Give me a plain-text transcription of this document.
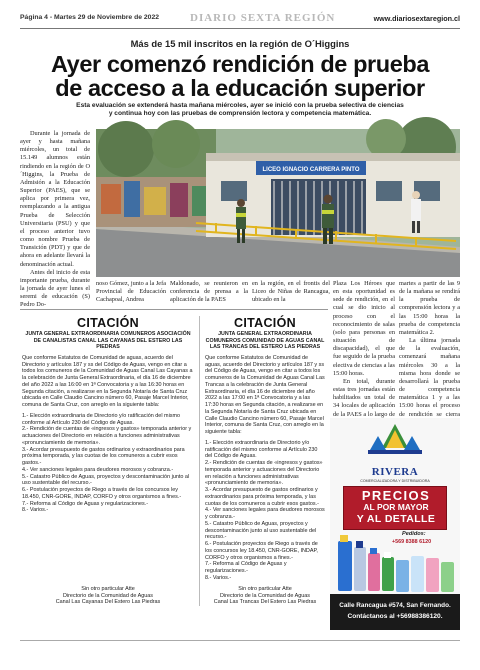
Página 4 - Martes 29 de Noviembre de 2022	DIARIO SEXTA REGIÓN	www.diariosextaregion.cl
Más de 15 mil inscritos en la región de O´Higgins
Ayer comenzó rendición de prueba
de acceso a la educación superior
Esta evaluación se extenderá hasta mañana miércoles, ayer se inició con la prueba selectiva de ciencias
y continua hoy con las pruebas de comprensión lectora y competencia matemática.

Durante la jornada de ayer y hasta mañana miércoles, un total de 15.149 alumnos están rindiendo en la región de O´Higgins, la Prueba de Admisión a la Educación Superior (PAES), que se aplica por primera vez, reemplazando a la antigua Prueba de Selección Universitaria (PSU) y que el proceso anterior tuvo como nombre Prueba de Transición (PDT) y que de ahora en adelante llevará la denominación actual.

Antes del inicio de esta importante prueba, durante la jornada de ayer lunes el seremi de educación (S) Pedro Do-

LICEO IGNACIO CARRERA PINTO
noso Gómez, junto a la Jefa Provincial de Educación Cachapoal, Andrea
Maldonado, se reunieron en conferencia de prensa a la aplicación de la PAES
en la región, en el frontis del Liceo de Niñas de Rancagua, ubicado en la

Plaza Los Héroes que en esta oportunidad es sede de rendición, en el cual se dio inicio al proceso con el reconocimiento de salas (solo para personas en situación de discapacidad), el que fue seguido de la prueba electiva de ciencias a las 15:00 horas.

En total, durante estas tres jornadas están habilitados un total de 34 locales de aplicación de la PAES a lo largo de

martes a partir de las 9 de la mañana se rendirá la prueba de comprensión lectora y a las 15:00 horas la prueba de competencia matemática 2.

La última jornada de la evaluación, comenzará mañana miércoles 30 a la misma hora donde se desarrollará la prueba de competencia matemática 1 y a las 15:00 horas el proceso de rendición se cierra

CITACIÓN
JUNTA GENERAL EXTRAORDINARIA COMUNEROS ASOCIACIÓN DE CANALISTAS CANAL LAS CAYANAS DEL ESTERO LAS PIEDRAS

Que conforme Estatutos de Comunidad de aguas, acuerdo del Directorio y artículos 187 y ss del Código de Aguas, vengo en citar a todos los comuneros de la Comunidad de Aguas Canal Las Cayanas a la celebración de Junta General Extraordinaria, el día 16 de diciembre del año 2022 a las 16:00 en 1ª Convocatoria y a las 16:30 horas en Segunda citación, a realizarse en la Segunda Notaría de Santa Cruz ubicada en Calle Claudio Cancino número 60, Pasaje Marcel Interior, comuna de Santa Cruz, con arreglo en la siguiente tabla:

1.- Elección extraordinaria de Directorio y/o ratificación del mismo conforme al Artículo 230 del Código de Aguas.
2.- Rendición de cuentas de «ingresos y gastos» temporada anterior y actuaciones del Directorio en relación a funciones administrativas «pronunciamiento de memoria».
3.- Acordar presupuesto de gastos ordinarios y extraordinarios para próxima temporada, y las cuotas de los comuneros a cubrir esos gastos.-
4.- Ver sanciones legales para deudores morosos y cobranza.-
5.- Catastro Público de Aguas, proyectos y descontaminación junto al uso sustentable del recurso.-
6.- Postulación proyectos de Riego a través de los concursos ley 18.450, CNR-GORE, INDAP, CORFO y otros organismos a fines.-
7.- Reforma al Código de Aguas y regularizaciones.-
8.- Varios.-
Sin otro particular Atte
Directorio de la Comunidad de Aguas
Canal Las Cayanas Del Estero Las Piedras
CITACIÓN
JUNTA GENERAL EXTRAORDINARIA COMUNEROS COMUNIDAD DE AGUAS CANAL LAS TRANCAS DEL ESTERO LAS PIEDRAS

Que conforme Estatutos de Comunidad de aguas, acuerdo del Directorio y artículos 187 y ss del Código de Aguas, vengo en citar a todos los comuneros de la Comunidad de Aguas Canal Las Trancas a la celebración de Junta General Extraordinaria, el día 16 de diciembre del año 2022 a las 17:00 en 1ª Convocatoria y a las 17:30 horas en Segunda citación, a realizarse en la Segunda Notaría de Santa Cruz ubicada en Calle Claudio Cancino número 60, Pasaje Marcel Interior, comuna de Santa Cruz, con arreglo en la siguiente tabla:

1.- Elección extraordinaria de Directorio y/o ratificación del mismo conforme al Artículo 230 del Código de Aguas.
2.- Rendición de cuentas de «ingresos y gastos» temporada anterior y actuaciones del Directorio en relación a funciones administrativas «pronunciamiento de memoria».
3.- Acordar presupuesto de gastos ordinarios y extraordinarios para próxima temporada, y las cuotas de los comuneros a cubrir esos gastos.-
4.- Ver sanciones legales para deudores morosos y cobranza.-
5.- Catastro Público de Aguas, proyectos y descontaminación junto al uso sustentable del recurso.-
6.- Postulación proyectos de Riego a través de los concursos ley 18.450, CNR-GORE, INDAP, CORFO y otros organismos a fines.-
7.- Reforma al Código de Aguas y regularizaciones.-
8.- Varios.-
Sin otro particular Atte
Directorio de la Comunidad de Aguas
Canal Las Trancas Del Estero Las Piedras
RIVERA
COMERCIALIZADORA Y DISTRIBUIDORA
PRECIOS
AL POR MAYOR
Y AL DETALLE
Pedidos:
+569 8388 6120
Calle Rancagua #574, San Fernando.
Contáctanos al +56988386120.
